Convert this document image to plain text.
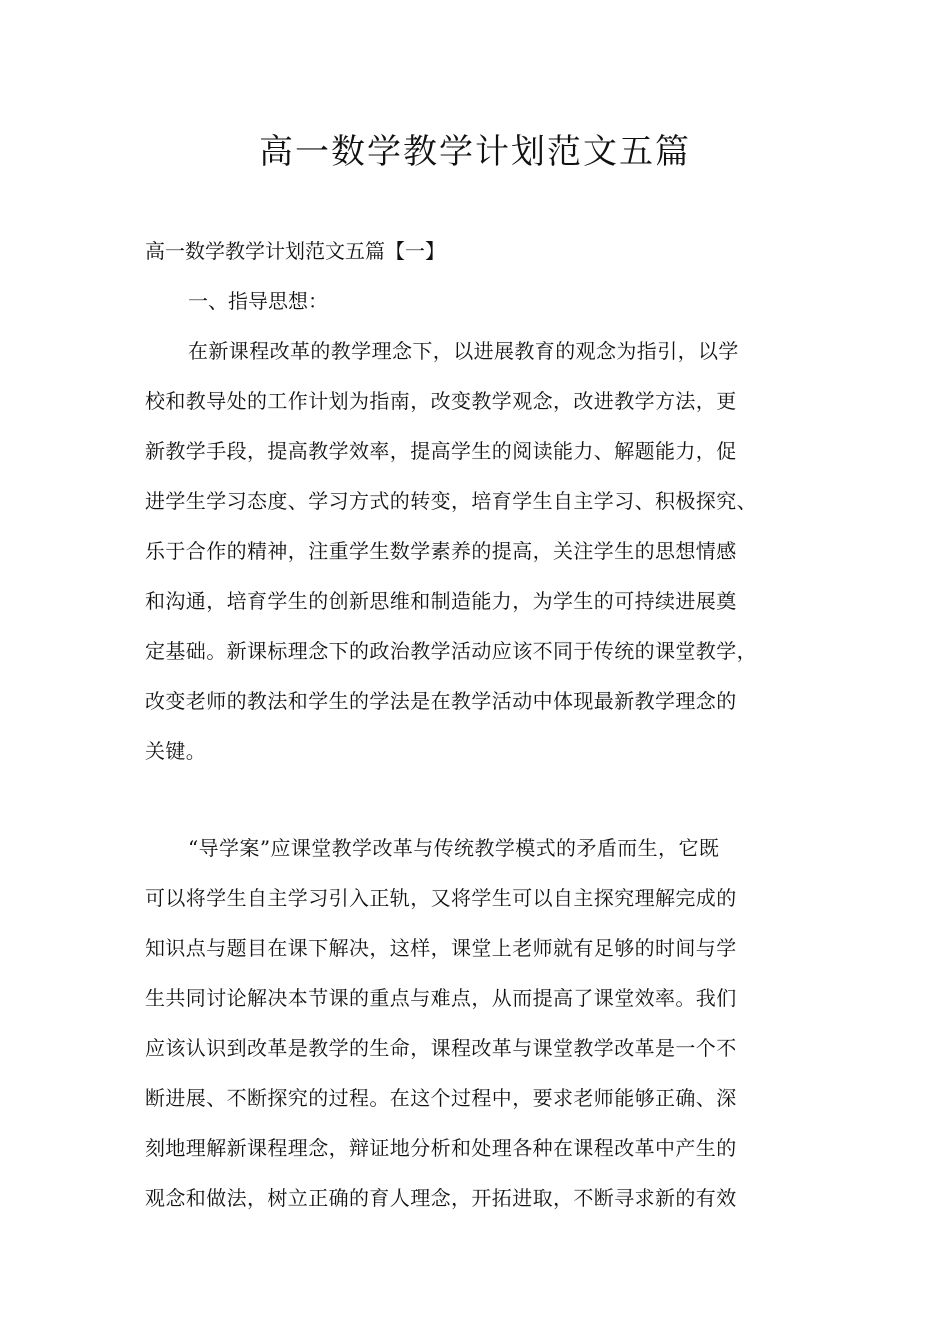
高一数学教学计划范文五篇

高一数学教学计划范文五篇【一】

一、指导思想：

在新课程改革的教学理念下，以进展教育的观念为指引，以学
校和教导处的工作计划为指南，改变教学观念，改进教学方法，更
新教学手段，提高教学效率，提高学生的阅读能力、解题能力，促
进学生学习态度、学习方式的转变，培育学生自主学习、积极探究、
乐于合作的精神，注重学生数学素养的提高，关注学生的思想情感
和沟通，培育学生的创新思维和制造能力，为学生的可持续进展奠
定基础。新课标理念下的政治教学活动应该不同于传统的课堂教学，
改变老师的教法和学生的学法是在教学活动中体现最新教学理念的
关键。
“导学案”应课堂教学改革与传统教学模式的矛盾而生，它既
可以将学生自主学习引入正轨，又将学生可以自主探究理解完成的
知识点与题目在课下解决，这样，课堂上老师就有足够的时间与学
生共同讨论解决本节课的重点与难点，从而提高了课堂效率。我们
应该认识到改革是教学的生命，课程改革与课堂教学改革是一个不
断进展、不断探究的过程。在这个过程中，要求老师能够正确、深
刻地理解新课程理念，辩证地分析和处理各种在课程改革中产生的
观念和做法，树立正确的育人理念，开拓进取，不断寻求新的有效
